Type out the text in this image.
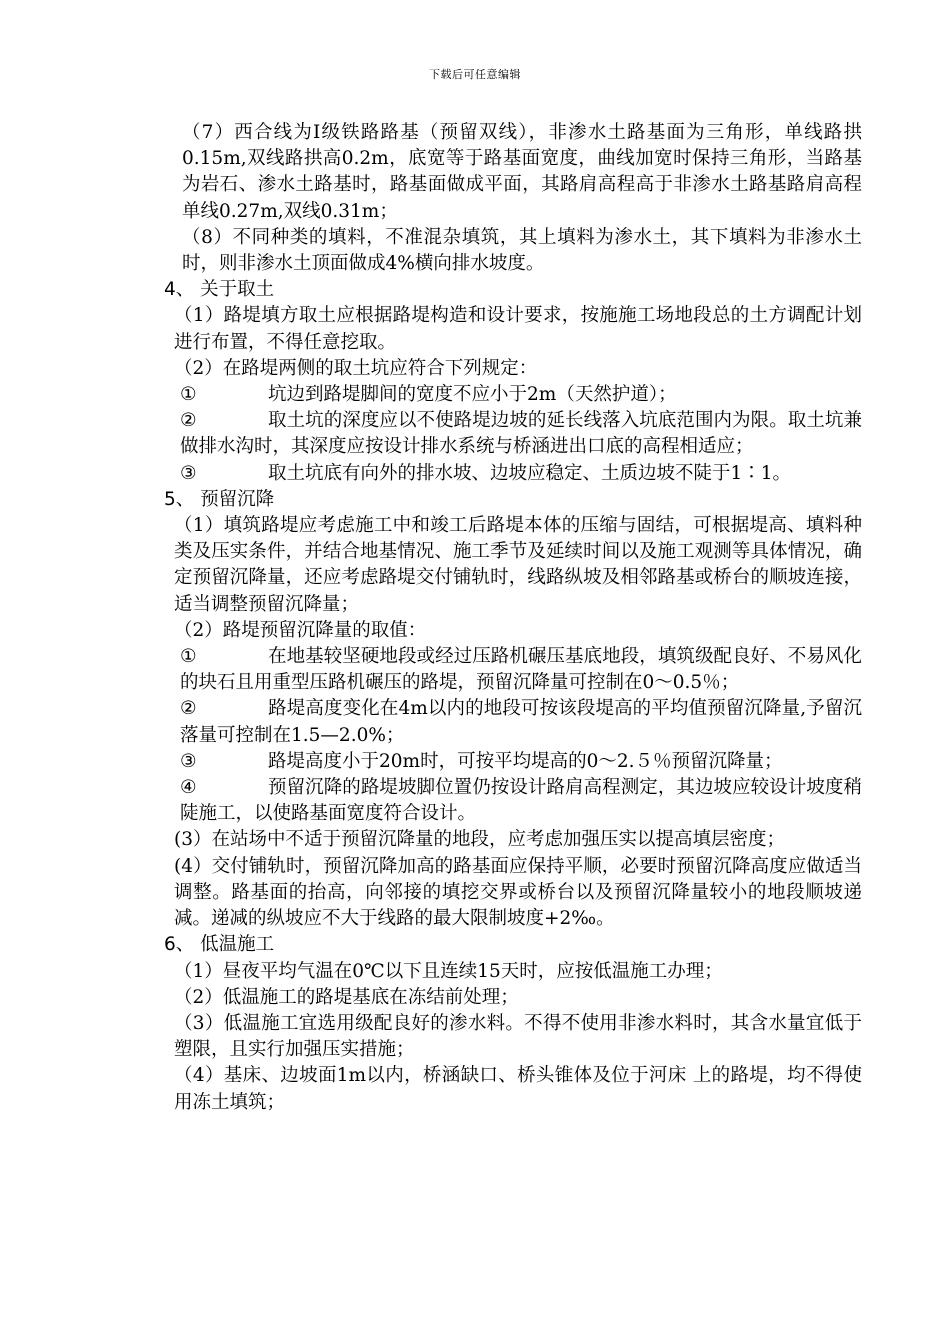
下载后可任意编辑

（7）西合线为Ⅰ级铁路路基（预留双线），非渗水土路基面为三角形，单线路拱0.15m,双线路拱高0.2m，底宽等于路基面宽度，曲线加宽时保持三角形，当路基为岩石、渗水土路基时，路基面做成平面，其路肩高程高于非渗水土路基路肩高程单线0.27m,双线0.31m；

（8）不同种类的填料，不准混杂填筑，其上填料为渗水土，其下填料为非渗水土时，则非渗水土顶面做成4%横向排水坡度。

4、 关于取土

（1）路堤填方取土应根据路堤构造和设计要求，按施施工场地段总的土方调配计划进行布置，不得任意挖取。

（2）在路堤两侧的取土坑应符合下列规定：

①	坑边到路堤脚间的宽度不应小于2m（天然护道）；

②	取土坑的深度应以不使路堤边坡的延长线落入坑底范围内为限。取土坑兼做排水沟时，其深度应按设计排水系统与桥涵进出口底的高程相适应；

③	取土坑底有向外的排水坡、边坡应稳定、土质边坡不陡于1∶1。

5、 预留沉降

（1）填筑路堤应考虑施工中和竣工后路堤本体的压缩与固结，可根据堤高、填料种类及压实条件，并结合地基情况、施工季节及延续时间以及施工观测等具体情况，确定预留沉降量，还应考虑路堤交付铺轨时，线路纵坡及相邻路基或桥台的顺坡连接，适当调整预留沉降量；

（2）路堤预留沉降量的取值：

①	在地基较坚硬地段或经过压路机碾压基底地段，填筑级配良好、不易风化的块石且用重型压路机碾压的路堤，预留沉降量可控制在0～0.5％；

②	路堤高度变化在4m以内的地段可按该段堤高的平均值预留沉降量,予留沉落量可控制在1.5—2.0%；

③	路堤高度小于20m时，可按平均堤高的0～2.５％预留沉降量；

④	预留沉降的路堤坡脚位置仍按设计路肩高程测定，其边坡应较设计坡度稍陡施工，以使路基面宽度符合设计。

(3）在站场中不适于预留沉降量的地段，应考虑加强压实以提高填层密度；

(4）交付铺轨时，预留沉降加高的路基面应保持平顺，必要时预留沉降高度应做适当调整。路基面的抬高，向邻接的填挖交界或桥台以及预留沉降量较小的地段顺坡递减。递减的纵坡应不大于线路的最大限制坡度+2‰。

6、 低温施工

（1）昼夜平均气温在0℃以下且连续15天时，应按低温施工办理；

（2）低温施工的路堤基底在冻结前处理；

（3）低温施工宜选用级配良好的渗水料。不得不使用非渗水料时，其含水量宜低于塑限，且实行加强压实措施；

（4）基床、边坡面1m以内，桥涵缺口、桥头锥体及位于河床 上的路堤，均不得使用冻土填筑；
